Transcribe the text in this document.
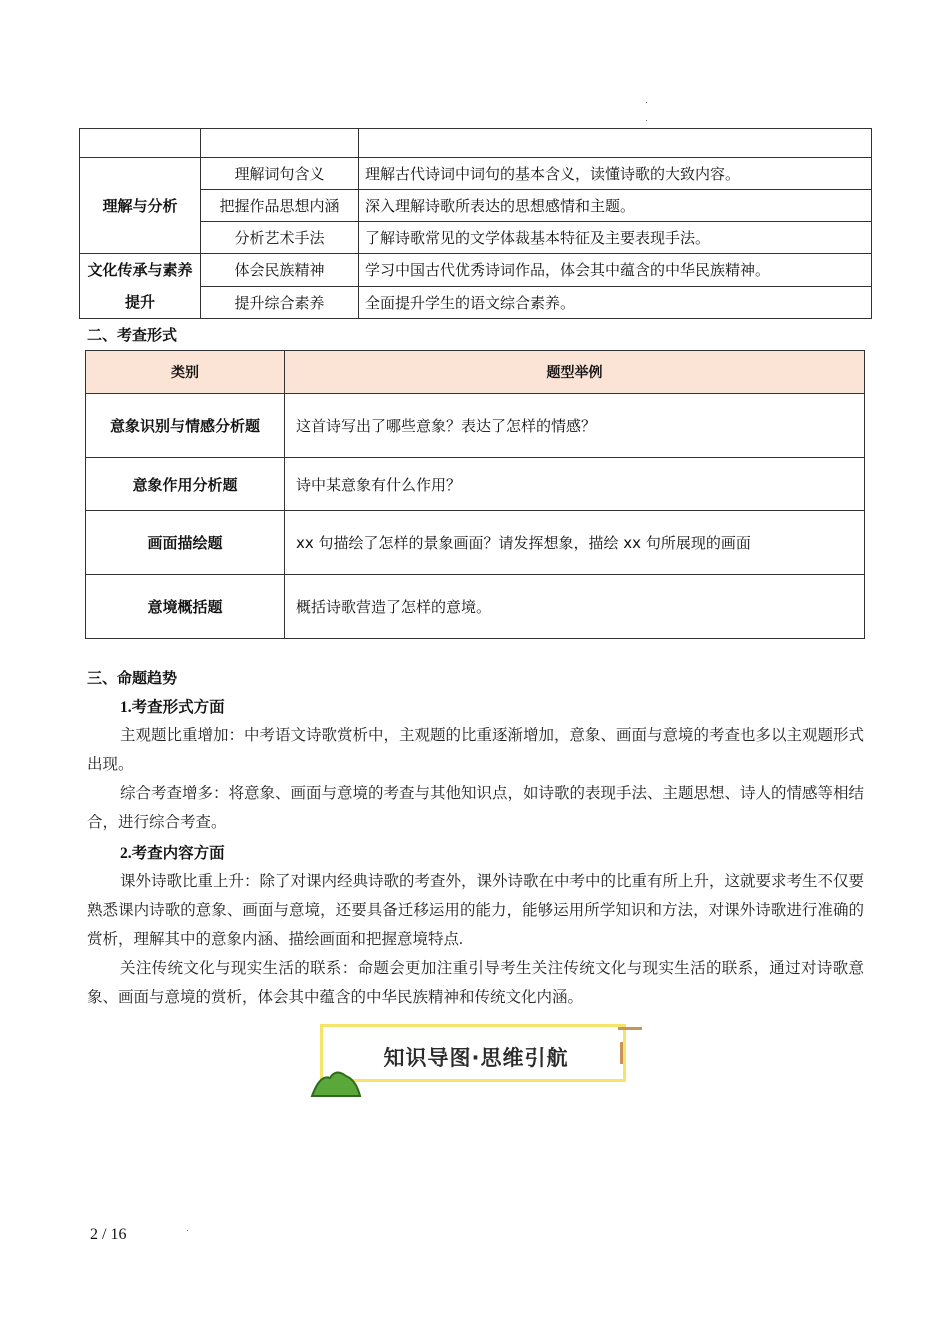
理解与分析	理解词句含义	理解古代诗词中词句的基本含义，读懂诗歌的大致内容。
	把握作品思想内涵	深入理解诗歌所表达的思想感情和主题。
	分析艺术手法	了解诗歌常见的文学体裁基本特征及主要表现手法。
文化传承与素养提升	体会民族精神	学习中国古代优秀诗词作品，体会其中蕴含的中华民族精神。
	提升综合素养	全面提升学生的语文综合素养。
二、考查形式
类别	题型举例
意象识别与情感分析题	这首诗写出了哪些意象？表达了怎样的情感？
意象作用分析题	诗中某意象有什么作用？
画面描绘题	xx 句描绘了怎样的景象画面？请发挥想象，描绘 xx 句所展现的画面
意境概括题	概括诗歌营造了怎样的意境。
三、命题趋势
1.考查形式方面
主观题比重增加：中考语文诗歌赏析中，主观题的比重逐渐增加，意象、画面与意境的考查也多以主观题形式出现。
综合考查增多：将意象、画面与意境的考查与其他知识点，如诗歌的表现手法、主题思想、诗人的情感等相结合，进行综合考查。
2.考查内容方面
课外诗歌比重上升：除了对课内经典诗歌的考查外，课外诗歌在中考中的比重有所上升，这就要求考生不仅要熟悉课内诗歌的意象、画面与意境，还要具备迁移运用的能力，能够运用所学知识和方法，对课外诗歌进行准确的赏析，理解其中的意象内涵、描绘画面和把握意境特点.
关注传统文化与现实生活的联系：命题会更加注重引导考生关注传统文化与现实生活的联系，通过对诗歌意象、画面与意境的赏析，体会其中蕴含的中华民族精神和传统文化内涵。
知识导图·思维引航
2 / 16
